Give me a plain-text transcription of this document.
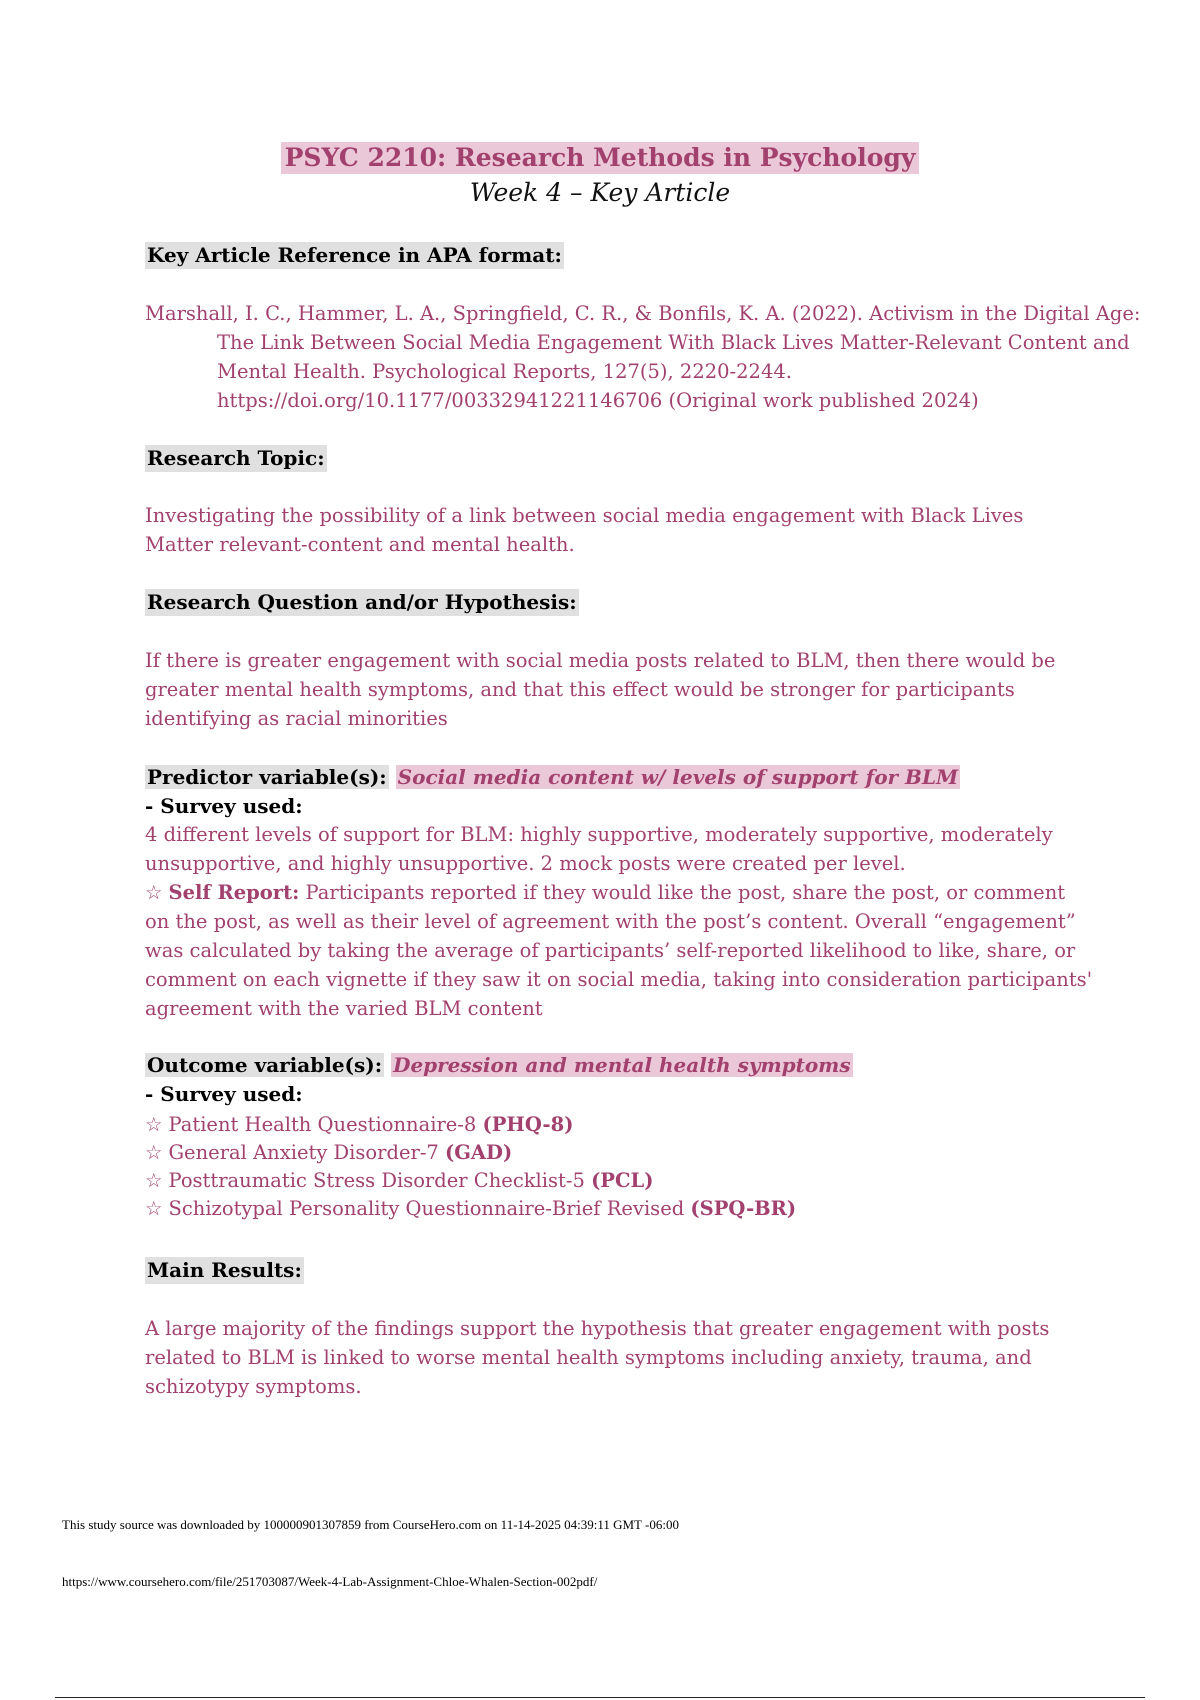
PSYC 2210: Research Methods in Psychology
Week 4 – Key Article
Key Article Reference in APA format:
Marshall, I. C., Hammer, L. A., Springfield, C. R., & Bonfils, K. A. (2022). Activism in the Digital Age: The Link Between Social Media Engagement With Black Lives Matter-Relevant Content and Mental Health. Psychological Reports, 127(5), 2220-2244. https://doi.org/10.1177/00332941221146706 (Original work published 2024)
Research Topic:
Investigating the possibility of a link between social media engagement with Black Lives Matter relevant-content and mental health.
Research Question and/or Hypothesis:
If there is greater engagement with social media posts related to BLM, then there would be greater mental health symptoms, and that this effect would be stronger for participants identifying as racial minorities
Predictor variable(s): Social media content w/ levels of support for BLM
- Survey used:
4 different levels of support for BLM: highly supportive, moderately supportive, moderately unsupportive, and highly unsupportive. 2 mock posts were created per level.
☆ Self Report: Participants reported if they would like the post, share the post, or comment on the post, as well as their level of agreement with the post’s content. Overall “engagement” was calculated by taking the average of participants’ self-reported likelihood to like, share, or comment on each vignette if they saw it on social media, taking into consideration participants' agreement with the varied BLM content
Outcome variable(s): Depression and mental health symptoms
- Survey used:
☆ Patient Health Questionnaire-8 (PHQ-8)
☆ General Anxiety Disorder-7 (GAD)
☆ Posttraumatic Stress Disorder Checklist-5 (PCL)
☆ Schizotypal Personality Questionnaire-Brief Revised (SPQ-BR)
Main Results:
A large majority of the findings support the hypothesis that greater engagement with posts related to BLM is linked to worse mental health symptoms including anxiety, trauma, and schizotypy symptoms.
This study source was downloaded by 100000901307859 from CourseHero.com on 11-14-2025 04:39:11 GMT -06:00
https://www.coursehero.com/file/251703087/Week-4-Lab-Assignment-Chloe-Whalen-Section-002pdf/
